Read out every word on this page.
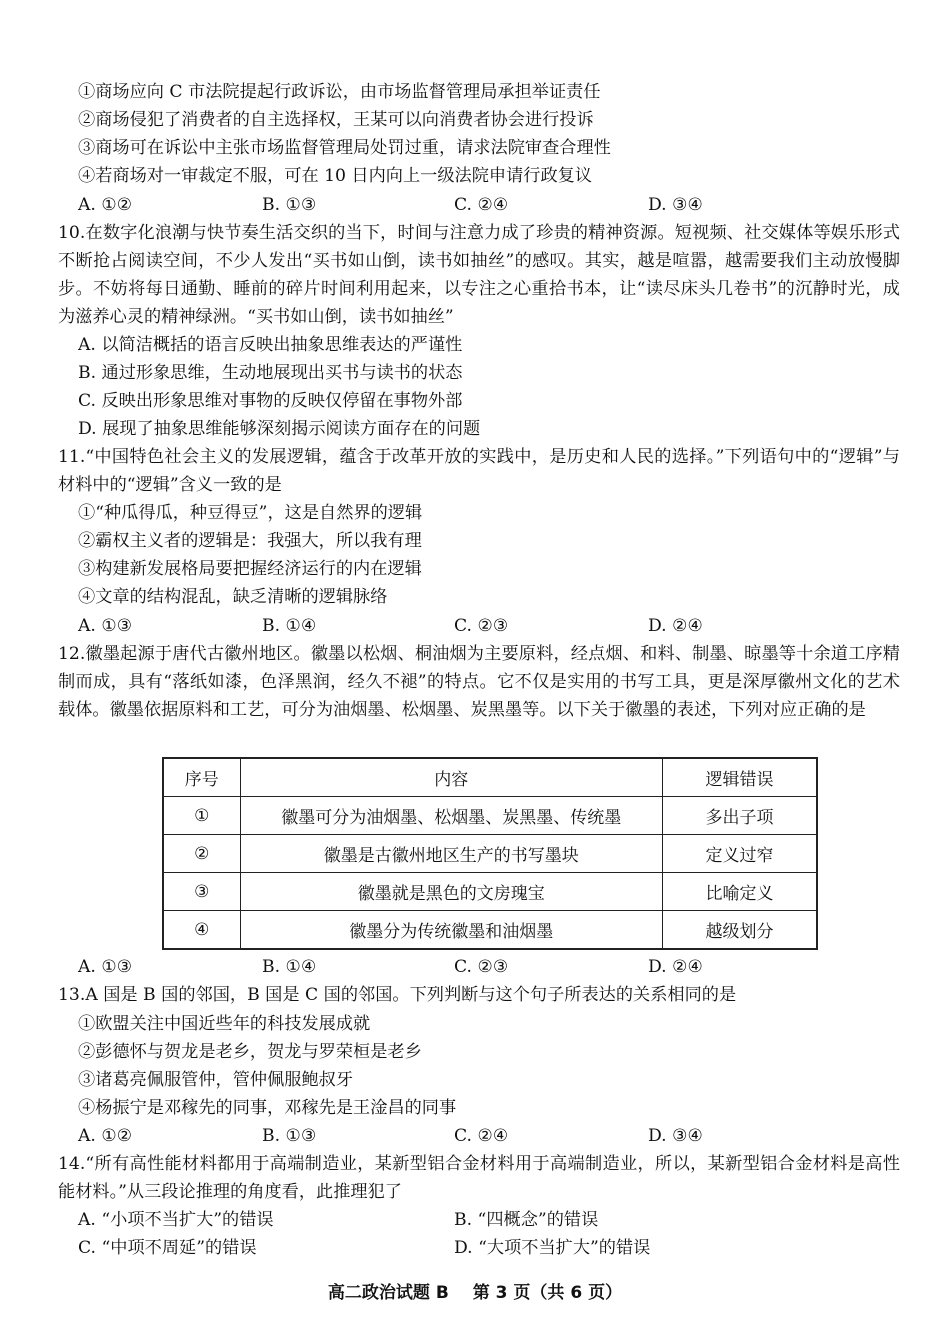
①商场应向 C 市法院提起行政诉讼，由市场监督管理局承担举证责任
②商场侵犯了消费者的自主选择权，王某可以向消费者协会进行投诉
③商场可在诉讼中主张市场监督管理局处罚过重，请求法院审查合理性
④若商场对一审裁定不服，可在 10 日内向上一级法院申请行政复议
A. ①②	B. ①③	C. ②④	D. ③④
10.在数字化浪潮与快节奏生活交织的当下，时间与注意力成了珍贵的精神资源。短视频、社交媒体等娱乐形式不断抢占阅读空间，不少人发出“买书如山倒，读书如抽丝”的感叹。其实，越是喧嚣，越需要我们主动放慢脚步。不妨将每日通勤、睡前的碎片时间利用起来，以专注之心重拾书本，让“读尽床头几卷书”的沉静时光，成为滋养心灵的精神绿洲。“买书如山倒，读书如抽丝”
A. 以简洁概括的语言反映出抽象思维表达的严谨性
B. 通过形象思维，生动地展现出买书与读书的状态
C. 反映出形象思维对事物的反映仅停留在事物外部
D. 展现了抽象思维能够深刻揭示阅读方面存在的问题
11.“中国特色社会主义的发展逻辑，蕴含于改革开放的实践中，是历史和人民的选择。”下列语句中的“逻辑”与材料中的“逻辑”含义一致的是
①“种瓜得瓜，种豆得豆”，这是自然界的逻辑
②霸权主义者的逻辑是：我强大，所以我有理
③构建新发展格局要把握经济运行的内在逻辑
④文章的结构混乱，缺乏清晰的逻辑脉络
A. ①③	B. ①④	C. ②③	D. ②④
12.徽墨起源于唐代古徽州地区。徽墨以松烟、桐油烟为主要原料，经点烟、和料、制墨、晾墨等十余道工序精制而成，具有“落纸如漆，色泽黑润，经久不褪”的特点。它不仅是实用的书写工具，更是深厚徽州文化的艺术载体。徽墨依据原料和工艺，可分为油烟墨、松烟墨、炭黑墨等。以下关于徽墨的表述，下列对应正确的是
序号	内容	逻辑错误
①	徽墨可分为油烟墨、松烟墨、炭黑墨、传统墨	多出子项
②	徽墨是古徽州地区生产的书写墨块	定义过窄
③	徽墨就是黑色的文房瑰宝	比喻定义
④	徽墨分为传统徽墨和油烟墨	越级划分
A. ①③	B. ①④	C. ②③	D. ②④
13.A 国是 B 国的邻国，B 国是 C 国的邻国。下列判断与这个句子所表达的关系相同的是
①欧盟关注中国近些年的科技发展成就
②彭德怀与贺龙是老乡，贺龙与罗荣桓是老乡
③诸葛亮佩服管仲，管仲佩服鲍叔牙
④杨振宁是邓稼先的同事，邓稼先是王淦昌的同事
A. ①②	B. ①③	C. ②④	D. ③④
14.“所有高性能材料都用于高端制造业，某新型铝合金材料用于高端制造业，所以，某新型铝合金材料是高性能材料。”从三段论推理的角度看，此推理犯了
A. “小项不当扩大”的错误	B. “四概念”的错误
C. “中项不周延”的错误	D. “大项不当扩大”的错误
高二政治试题 B 第 3 页（共 6 页）
